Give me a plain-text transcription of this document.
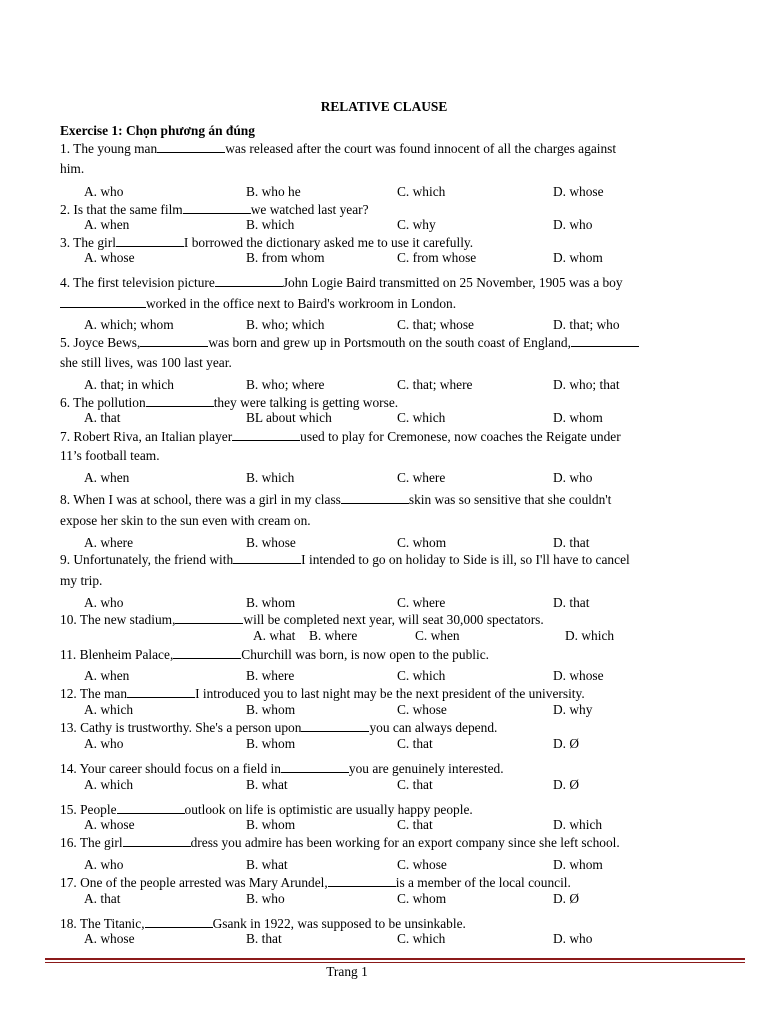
RELATIVE CLAUSE
Exercise 1: Chọn phương án đúng
1. The young man	was released after the court was found innocent of all the charges against
him.
A. who	B. who he	C. which	D. whose
2. Is that the same film	we watched last year?
A. when	B. which	C. why	D. who
3. The girl	I borrowed the dictionary asked me to use it carefully.
A. whose	B. from whom	C. from whose	D. whom
4. The first television picture	John Logie Baird transmitted on 25 November, 1905 was a boy
worked in the office next to Baird's workroom in London.
A. which; whom	B. who; which	C. that; whose	D. that; who
5. Joyce Bews,	was born and grew up in Portsmouth on the south coast of England,
she still lives, was 100 last year.
A. that; in which	B. who; where	C. that; where	D. who; that
6. The pollution	they were talking is getting worse.
A. that	BL about which	C. which	D. whom
7. Robert Riva, an Italian player	used to play for Cremonese, now coaches the Reigate under
11’s football team.
A. when	B. which	C. where	D. who
8. When I was at school, there was a girl in my class	skin was so sensitive that she couldn't
expose her skin to the sun even with cream on.
A. where	B. whose	C. whom	D. that
9. Unfortunately, the friend with	I intended to go on holiday to Side is ill, so I'll have to cancel
my trip.
A. who	B. whom	C. where	D. that
10. The new stadium,	will be completed next year, will seat 30,000 spectators.
A. what B. where	C. when	D. which
11. Blenheim Palace,	Churchill was born, is now open to the public.
A. when	B. where	C. which	D. whose
12. The man	I introduced you to last night may be the next president of the university.
A. which	B. whom	C. whose	D. why
13. Cathy is trustworthy. She's a person upon	you can always depend.
A. who	B. whom	C. that	D. Ø
14. Your career should focus on a field in	you are genuinely interested.
A. which	B. what	C. that	D. Ø
15. People	outlook on life is optimistic are usually happy people.
A. whose	B. whom	C. that	D. which
16. The girl	dress you admire has been working for an export company since she left school.
A. who	B. what	C. whose	D. whom
17. One of the people arrested was Mary Arundel,	is a member of the local council.
A. that	B. who	C. whom	D. Ø
18. The Titanic,	Gsank in 1922, was supposed to be unsinkable.
A. whose	B. that	C. which	D. who
Trang 1
